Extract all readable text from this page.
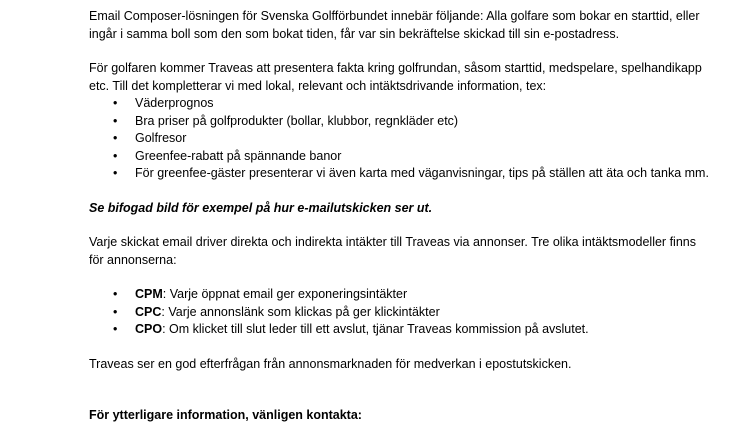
Email Composer-lösningen för Svenska Golfförbundet innebär följande: Alla golfare som bokar en starttid, eller ingår i samma boll som den som bokat tiden, får var sin bekräftelse skickad till sin e-postadress.

För golfaren kommer Traveas att presentera fakta kring golfrundan, såsom starttid, medspelare, spelhandikapp etc. Till det kompletterar vi med lokal, relevant och intäktsdrivande information, tex:

•	Väderprognos
•	Bra priser på golfprodukter (bollar, klubbor, regnkläder etc)
•	Golfresor
•	Greenfee-rabatt på spännande banor
•	För greenfee-gäster presenterar vi även karta med väganvisningar, tips på ställen att äta och tanka mm.

Se bifogad bild för exempel på hur e-mailutskicken ser ut.

Varje skickat email driver direkta och indirekta intäkter till Traveas via annonser. Tre olika intäktsmodeller finns för annonserna:

•	CPM: Varje öppnat email ger exponeringsintäkter
•	CPC: Varje annonslänk som klickas på ger klickintäkter
•	CPO: Om klicket till slut leder till ett avslut, tjänar Traveas kommission på avslutet.

Traveas ser en god efterfrågan från annonsmarknaden för medverkan i epostutskicken.

För ytterligare information, vänligen kontakta:
